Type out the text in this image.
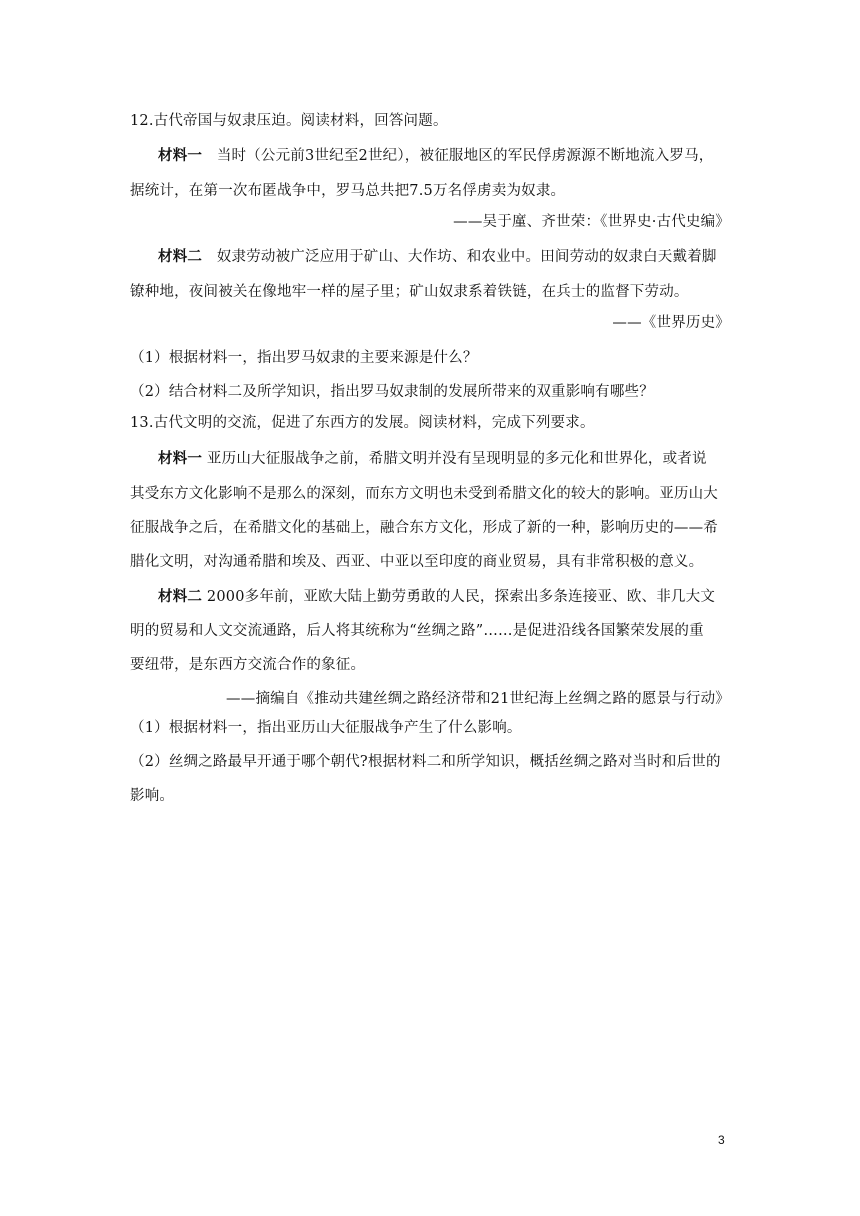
12.古代帝国与奴隶压迫。阅读材料，回答问题。
材料一　 当时（公元前3世纪至2世纪），被征服地区的军民俘虏源源不断地流入罗马，
据统计，在第一次布匿战争中，罗马总共把7.5万名俘虏卖为奴隶。
——吴于廑、齐世荣：《世界史·古代史编》
材料二　 奴隶劳动被广泛应用于矿山、大作坊、和农业中。田间劳动的奴隶白天戴着脚
镣种地，夜间被关在像地牢一样的屋子里；矿山奴隶系着铁链，在兵士的监督下劳动。
——《世界历史》
（1）根据材料一，指出罗马奴隶的主要来源是什么？
（2）结合材料二及所学知识，指出罗马奴隶制的发展所带来的双重影响有哪些？
13.古代文明的交流，促进了东西方的发展。阅读材料，完成下列要求。
材料一 亚历山大征服战争之前，希腊文明并没有呈现明显的多元化和世界化，或者说
其受东方文化影响不是那么的深刻，而东方文明也未受到希腊文化的较大的影响。亚历山大
征服战争之后，在希腊文化的基础上，融合东方文化，形成了新的一种，影响历史的——希
腊化文明，对沟通希腊和埃及、西亚、中亚以至印度的商业贸易，具有非常积极的意义。
材料二 2000多年前，亚欧大陆上勤劳勇敢的人民，探索出多条连接亚、欧、非几大文
明的贸易和人文交流通路，后人将其统称为“丝绸之路”……是促进沿线各国繁荣发展的重
要纽带，是东西方交流合作的象征。
——摘编自《推动共建丝绸之路经济带和21世纪海上丝绸之路的愿景与行动》
（1）根据材料一，指出亚历山大征服战争产生了什么影响。
（2）丝绸之路最早开通于哪个朝代?根据材料二和所学知识，概括丝绸之路对当时和后世的
影响。
3
